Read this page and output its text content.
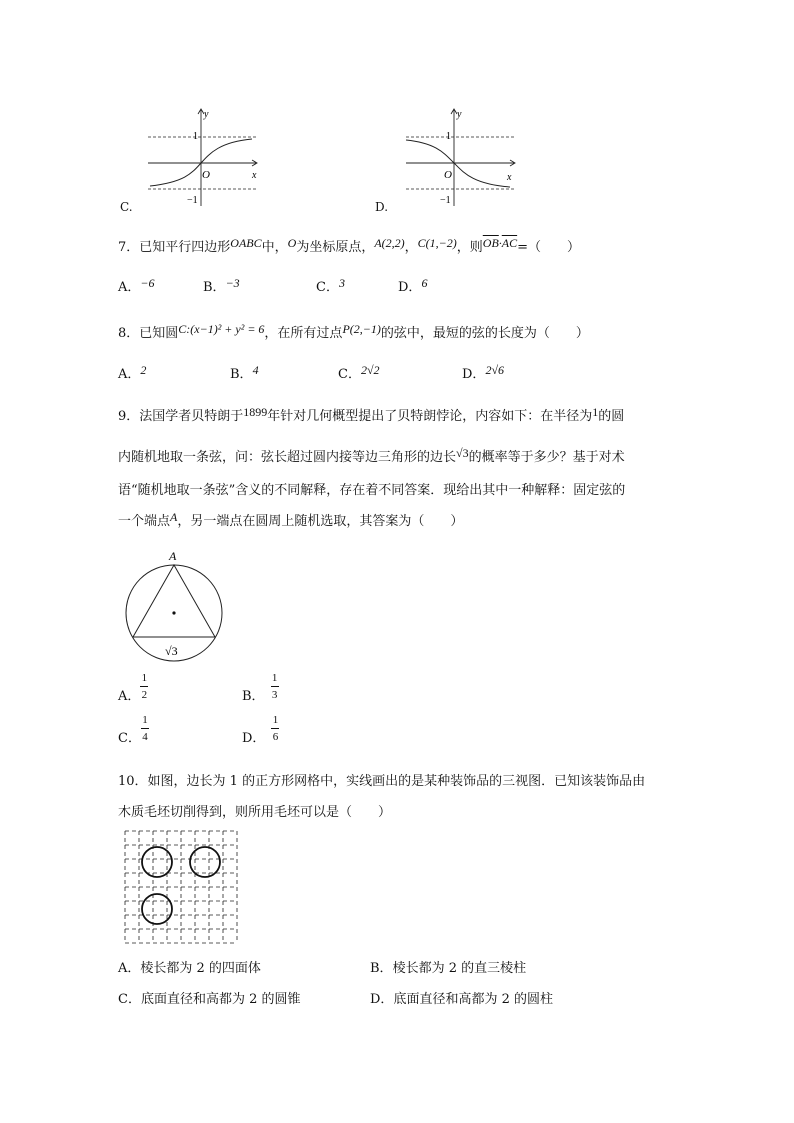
1
−1
O	x
y
C.
1
−1
O	x
y
D.
7．已知平行四边形OABC中，O为坐标原点，A(2,2)，C(1,−2)，则$\overline{OB}\cdot\overline{AC}=$（　　）
A．−6	B．−3	C．3	D．6
8．已知圆C:(x−1)² + y² = 6，在所有过点P(2,−1)的弦中，最短的弦的长度为（　　）
A．2	B．4	C．2√2	D．2√6
9．法国学者贝特朗于1899年针对几何概型提出了贝特朗悖论，内容如下：在半径为1的圆
内随机地取一条弦，问：弦长超过圆内接等边三角形的边长√3的概率等于多少？基于对术
语“随机地取一条弦”含义的不同解释，存在着不同答案．现给出其中一种解释：固定弦的
一个端点A，另一端点在圆周上随机选取，其答案为（　　）
A
√3
A． $\frac{1}{2}$	B． $\frac{1}{3}$
C． $\frac{1}{4}$	D． $\frac{1}{6}$
10．如图，边长为 1 的正方形网格中，实线画出的是某种装饰品的三视图．已知该装饰品由
木质毛坯切削得到，则所用毛坯可以是（　　）
A．棱长都为 2 的四面体	B．棱长都为 2 的直三棱柱
C．底面直径和高都为 2 的圆锥	D．底面直径和高都为 2 的圆柱
